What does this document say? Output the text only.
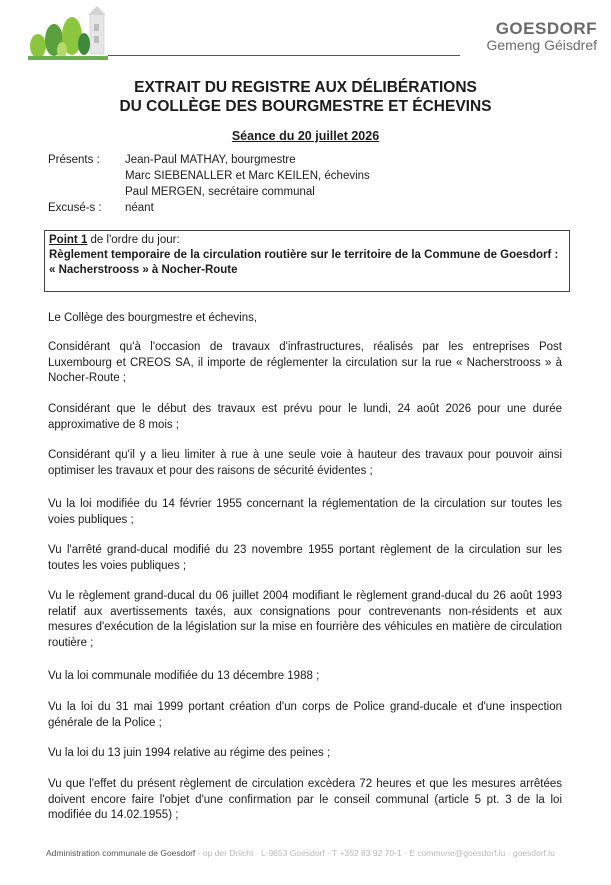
GOESDORF
Gemeng Géisdref
EXTRAIT DU REGISTRE AUX DÉLIBÉRATIONS
DU COLLÈGE DES BOURGMESTRE ET ÉCHEVINS
Séance du 20 juillet 2026
Présents :	Jean-Paul MATHAY, bourgmestre
Marc SIEBENALLER et Marc KEILEN, échevins
Paul MERGEN, secrétaire communal
Excusé-s :	néant
Point 1 de l'ordre du jour:
Règlement temporaire de la circulation routière sur le territoire de la Commune de Goesdorf :
« Nacherstrooss » à Nocher-Route

Le Collège des bourgmestre et échevins,

Considérant qu'à l'occasion de travaux d'infrastructures, réalisés par les entreprises Post Luxembourg et CREOS SA, il importe de réglementer la circulation sur la rue « Nacherstrooss » à Nocher-Route ;

Considérant que le début des travaux est prévu pour le lundi, 24 août 2026 pour une durée approximative de 8 mois ;

Considérant qu'il y a lieu limiter à rue à une seule voie à hauteur des travaux pour pouvoir ainsi optimiser les travaux et pour des raisons de sécurité évidentes ;

Vu la loi modifiée du 14 février 1955 concernant la réglementation de la circulation sur toutes les voies publiques ;

Vu l'arrêté grand-ducal modifié du 23 novembre 1955 portant règlement de la circulation sur les toutes les voies publiques ;

Vu le règlement grand-ducal du 06 juillet 2004 modifiant le règlement grand-ducal du 26 août 1993 relatif aux avertissements taxés, aux consignations pour contrevenants non-résidents et aux mesures d'exécution de la législation sur la mise en fourrière des véhicules en matière de circulation routière ;

Vu la loi communale modifiée du 13 décembre 1988 ;

Vu la loi du 31 mai 1999 portant création d'un corps de Police grand-ducale et d'une inspection générale de la Police ;

Vu la loi du 13 juin 1994 relative au régime des peines ;

Vu que l'effet du présent règlement de circulation excèdera 72 heures et que les mesures arrêtées doivent encore faire l'objet d'une confirmation par le conseil communal (article 5 pt. 3 de la loi modifiée du 14.02.1955) ;

Administration communale de Goesdorf · op der Driicht · L-9653 Goesdorf · T +352 83 92 70-1 · E commune@goesdorf.lu · goesdorf.lu
